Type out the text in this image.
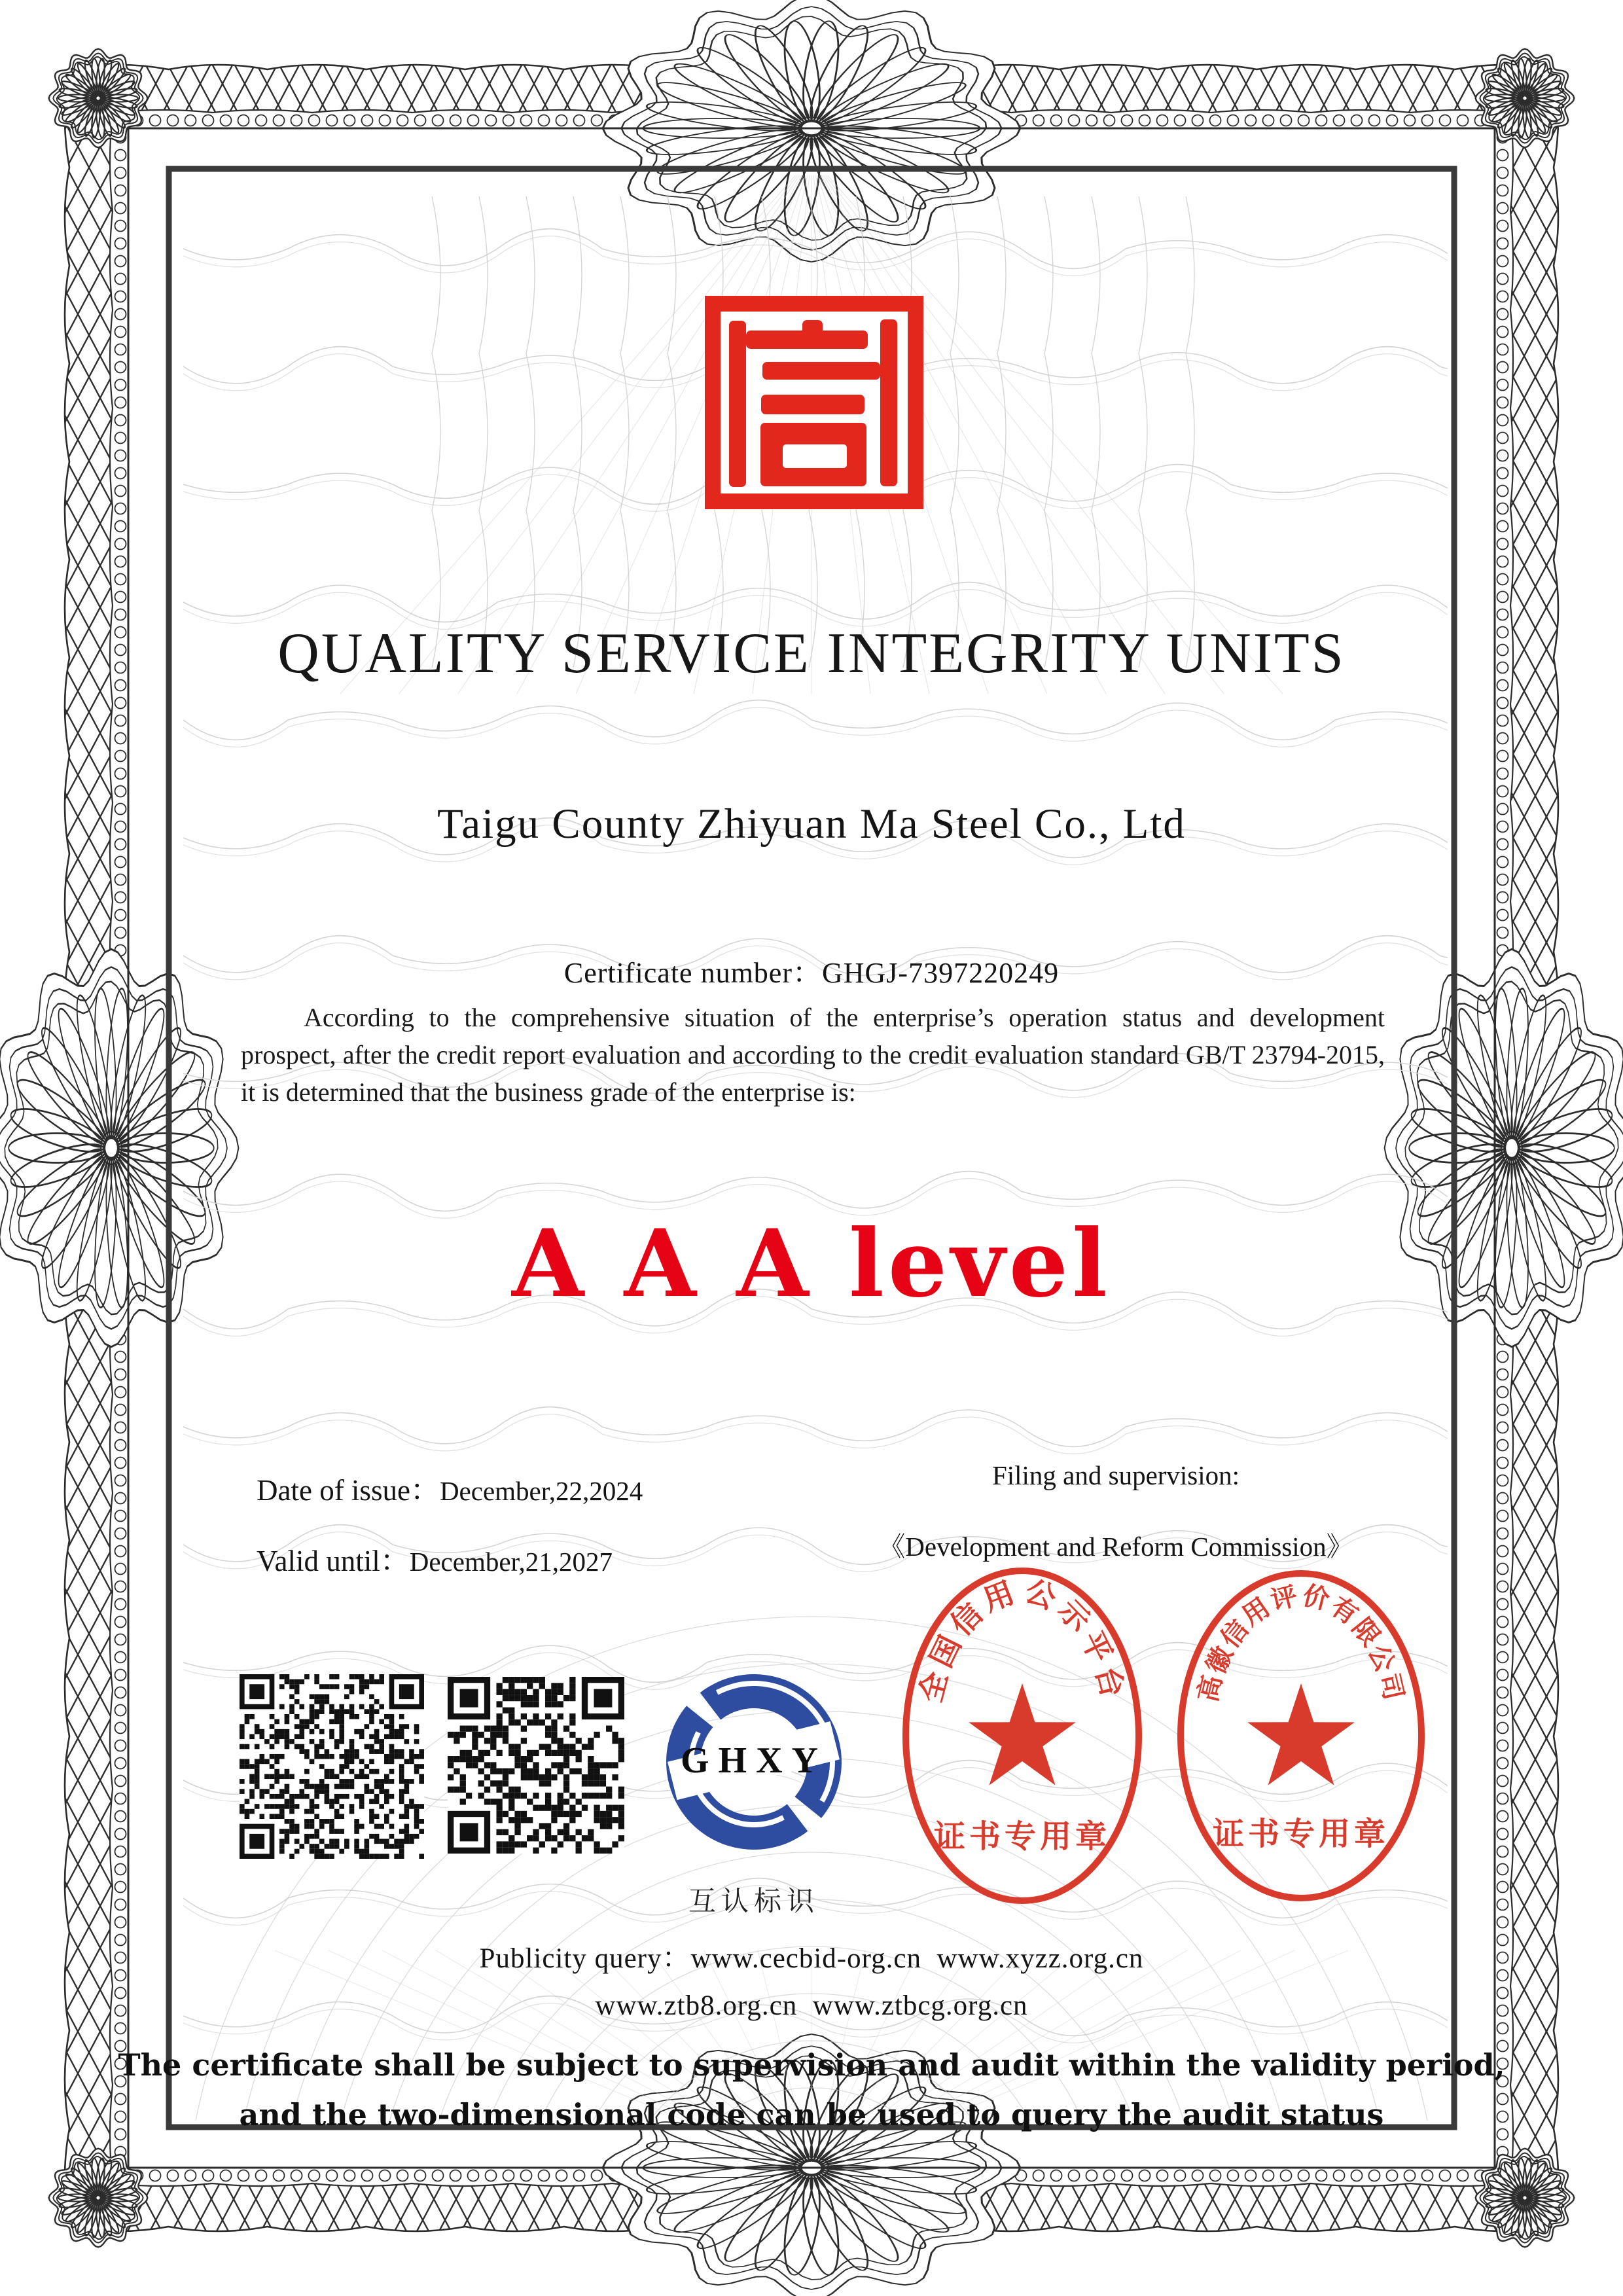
QUALITY SERVICE INTEGRITY UNITS
Taigu County Zhiyuan Ma Steel Co., Ltd
Certificate number：GHGJ-7397220249
According to the comprehensive situation of the enterprise’s operation status and development prospect, after the credit report evaluation and according to the credit evaluation standard GB/T 23794-2015, it is determined that the business grade of the enterprise is:
A A A level
Date of issue：December,22,2024
Valid until：December,21,2027
Filing and supervision:
《Development and Reform Commission》
GHXY
互认标识
全国信用公示平台
证书专用章
高徽信用评价有限公司
证书专用章
Publicity query：www.cecbid-org.cn  www.xyzz.org.cn
www.ztb8.org.cn  www.ztbcg.org.cn
The certificate shall be subject to supervision and audit within the validity period,
and the two-dimensional code can be used to query the audit status
